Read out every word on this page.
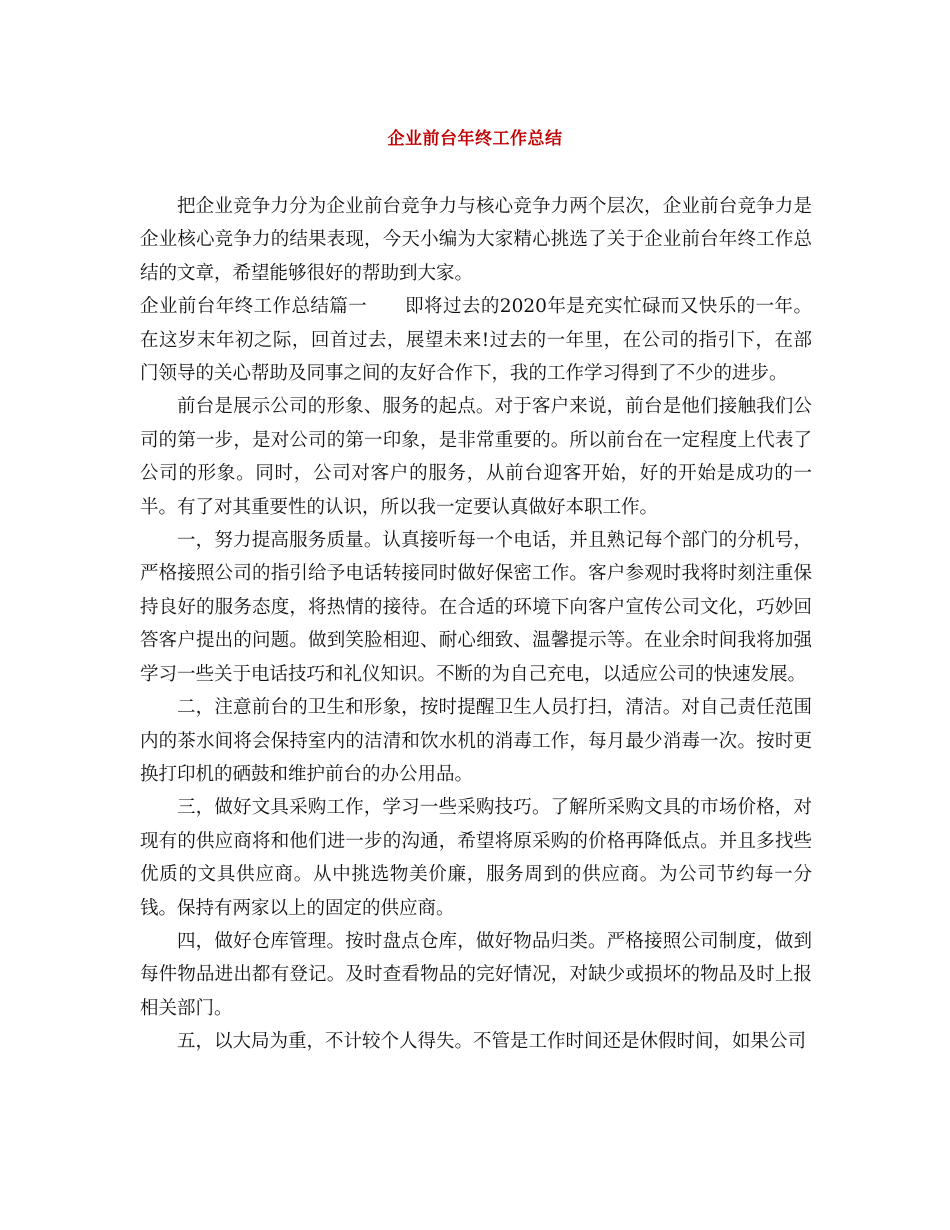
企业前台年终工作总结

把企业竞争力分为企业前台竞争力与核心竞争力两个层次，企业前台竞争力是企业核心竞争力的结果表现，今天小编为大家精心挑选了关于企业前台年终工作总结的文章，希望能够很好的帮助到大家。

企业前台年终工作总结篇一　　即将过去的2020年是充实忙碌而又快乐的一年。在这岁末年初之际，回首过去，展望未来!过去的一年里，在公司的指引下，在部门领导的关心帮助及同事之间的友好合作下，我的工作学习得到了不少的进步。

前台是展示公司的形象、服务的起点。对于客户来说，前台是他们接触我们公司的第一步，是对公司的第一印象，是非常重要的。所以前台在一定程度上代表了公司的形象。同时，公司对客户的服务，从前台迎客开始，好的开始是成功的一半。有了对其重要性的认识，所以我一定要认真做好本职工作。

一，努力提高服务质量。认真接听每一个电话，并且熟记每个部门的分机号，严格接照公司的指引给予电话转接同时做好保密工作。客户参观时我将时刻注重保持良好的服务态度，将热情的接待。在合适的环境下向客户宣传公司文化，巧妙回答客户提出的问题。做到笑脸相迎、耐心细致、温馨提示等。在业余时间我将加强学习一些关于电话技巧和礼仪知识。不断的为自己充电，以适应公司的快速发展。

二，注意前台的卫生和形象，按时提醒卫生人员打扫，清洁。对自己责任范围内的茶水间将会保持室内的洁清和饮水机的消毒工作，每月最少消毒一次。按时更换打印机的硒鼓和维护前台的办公用品。

三，做好文具采购工作，学习一些采购技巧。了解所采购文具的市场价格，对现有的供应商将和他们进一步的沟通，希望将原采购的价格再降低点。并且多找些优质的文具供应商。从中挑选物美价廉，服务周到的供应商。为公司节约每一分钱。保持有两家以上的固定的供应商。

四，做好仓库管理。按时盘点仓库，做好物品归类。严格接照公司制度，做到每件物品进出都有登记。及时查看物品的完好情况，对缺少或损坏的物品及时上报相关部门。

五，以大局为重，不计较个人得失。不管是工作时间还是休假时间，如果公司
